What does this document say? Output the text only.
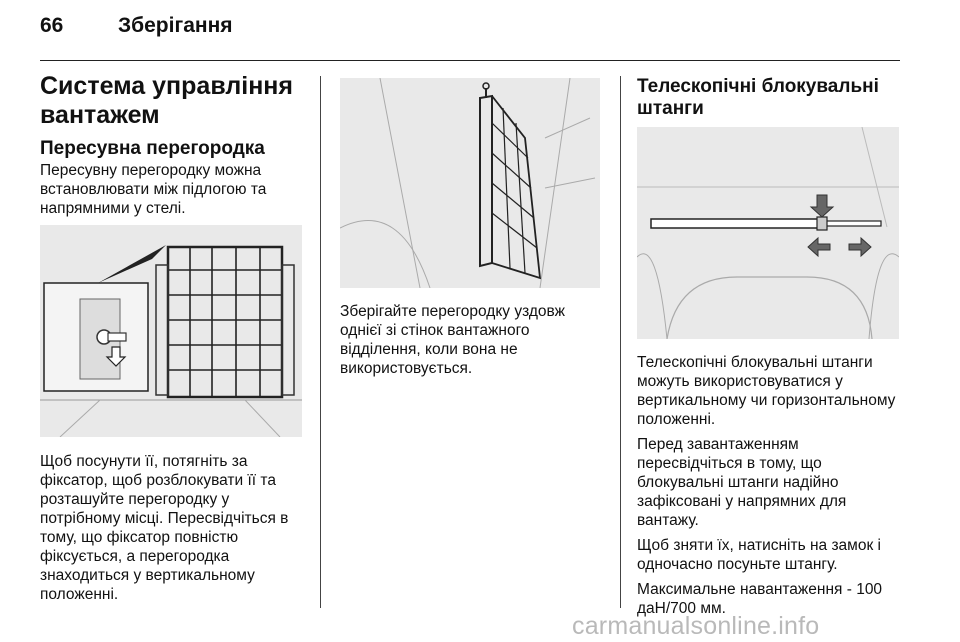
66	Зберігання
Система управління вантажем
Пересувна перегородка
Пересувну перегородку можна встановлювати між підлогою та напрямними у стелі.
Щоб посунути її, потягніть за фіксатор, щоб розблокувати її та розташуйте перегородку у потрібному місці. Пересвідчіться в тому, що фіксатор повністю фіксується, а перегородка знаходиться у вертикальному положенні.
Зберігайте перегородку уздовж однієї зі стінок вантажного відділення, коли вона не використовується.
Телескопічні блокувальні штанги

Телескопічні блокувальні штанги можуть використовуватися у вертикальному чи горизонтальному положенні.

Перед завантаженням пересвідчіться в тому, що блокувальні штанги надійно зафіксовані у напрямних для вантажу.

Щоб зняти їх, натисніть на замок і одночасно посуньте штангу.

Максимальне навантаження - 100 даН/700 мм.

carmanualsonline.info
